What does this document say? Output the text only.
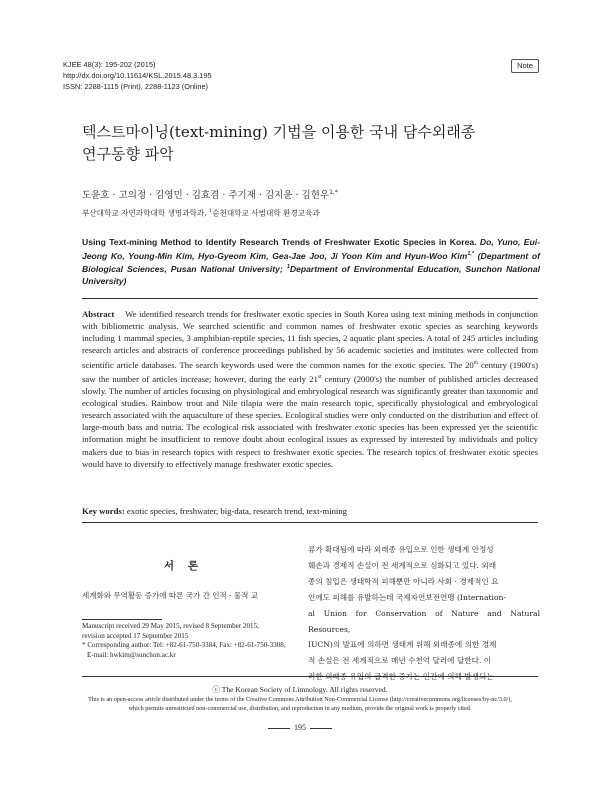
KJEE 48(3): 195-202 (2015)
http://dx.doi.org/10.11614/KSL.2015.48.3.195
ISSN: 2288-1115 (Print), 2288-1123 (Online)
Note
텍스트마이닝(text-mining) 기법을 이용한 국내 담수외래종
연구동향 파악
도윤호 · 고의정 · 김영민 · 김효겸 · 주기재 · 김지윤 · 김현우$^{1,*}$
부산대학교 자연과학대학 생명과학과, $^1$순천대학교 사범대학 환경교육과
Using Text-mining Method to Identify Research Trends of Freshwater Exotic Species in Korea. Do, Yuno, Eui-Jeong Ko, Young-Min Kim, Hyo-Gyeom Kim, Gea-Jae Joo, Ji Yoon Kim and Hyun-Woo Kim$^{1,*}$ (Department of Biological Sciences, Pusan National University; $^1$Department of Environmental Education, Sunchon National University)
Abstract We identified research trends for freshwater exotic species in South Korea using text mining methods in conjunction with bibliometric analysis. We searched scientific and common names of freshwater exotic species as searching keywords including 1 mammal species, 3 amphibian-reptile species, 11 fish species, 2 aquatic plant species. A total of 245 articles including research articles and abstracts of conference proceedings published by 56 academic societies and institutes were collected from scientific article databases. The search keywords used were the common names for the exotic species. The 20th century (1900's) saw the number of articles increase; however, during the early 21st century (2000's) the number of published articles decreased slowly. The number of articles focusing on physiological and embryological research was significantly greater than taxonomic and ecological studies. Rainbow trout and Nile tilapia were the main research topic, specifically physiological and embryological research associated with the aquaculture of these species. Ecological studies were only conducted on the distribution and effect of large-mouth bass and nutria. The ecological risk associated with freshwater exotic species has been expressed yet the scientific information might be insufficient to remove doubt about ecological issues as expressed by interested by individuals and policy makers due to bias in research topics with respect to freshwater exotic species. The research topics of freshwater exotic species would have to diversify to effectively manage freshwater exotic species.
Key words: exotic species, freshwater, big-data, research trend, text-mining
서론
세계화와 무역활동 증가에 따른 국가 간 인적 · 물적 교
Manuscript received 29 May 2015, revised 8 September 2015,
revision accepted 17 September 2015
* Corresponding author: Tel: +82-61-750-3384, Fax: +82-61-750-3308,
E-mail: hwkim@sunchon.ac.kr
류가 확대됨에 따라 외래종 유입으로 인한 생태계 안정성
훼손과 경제적 손실이 전 세계적으로 심화되고 있다. 외래
종의 침입은 생태학적 피해뿐만 아니라 사회 · 경제적인 요
인에도 피해를 유발하는데 국제자연보전연맹 (Internation-
al Union for Conservation of Nature and Natural Resources,
IUCN)의 발표에 의하면 생태계 위해 외래종에 의한 경제
적 손실은 전 세계적으로 매년 수천억 달러에 달한다. 이
ⓒ The Korean Society of Limnology. All rights reserved.
This is an open-access article distributed under the terms of the Creative Commons Attribution Non-Commercial License (http://creativecommons.org/licenses/by-nc/3.0/),
which permits unrestricted non-commercial use, distribution, and reproduction in any medium, provide the original work is properly cited.
195
